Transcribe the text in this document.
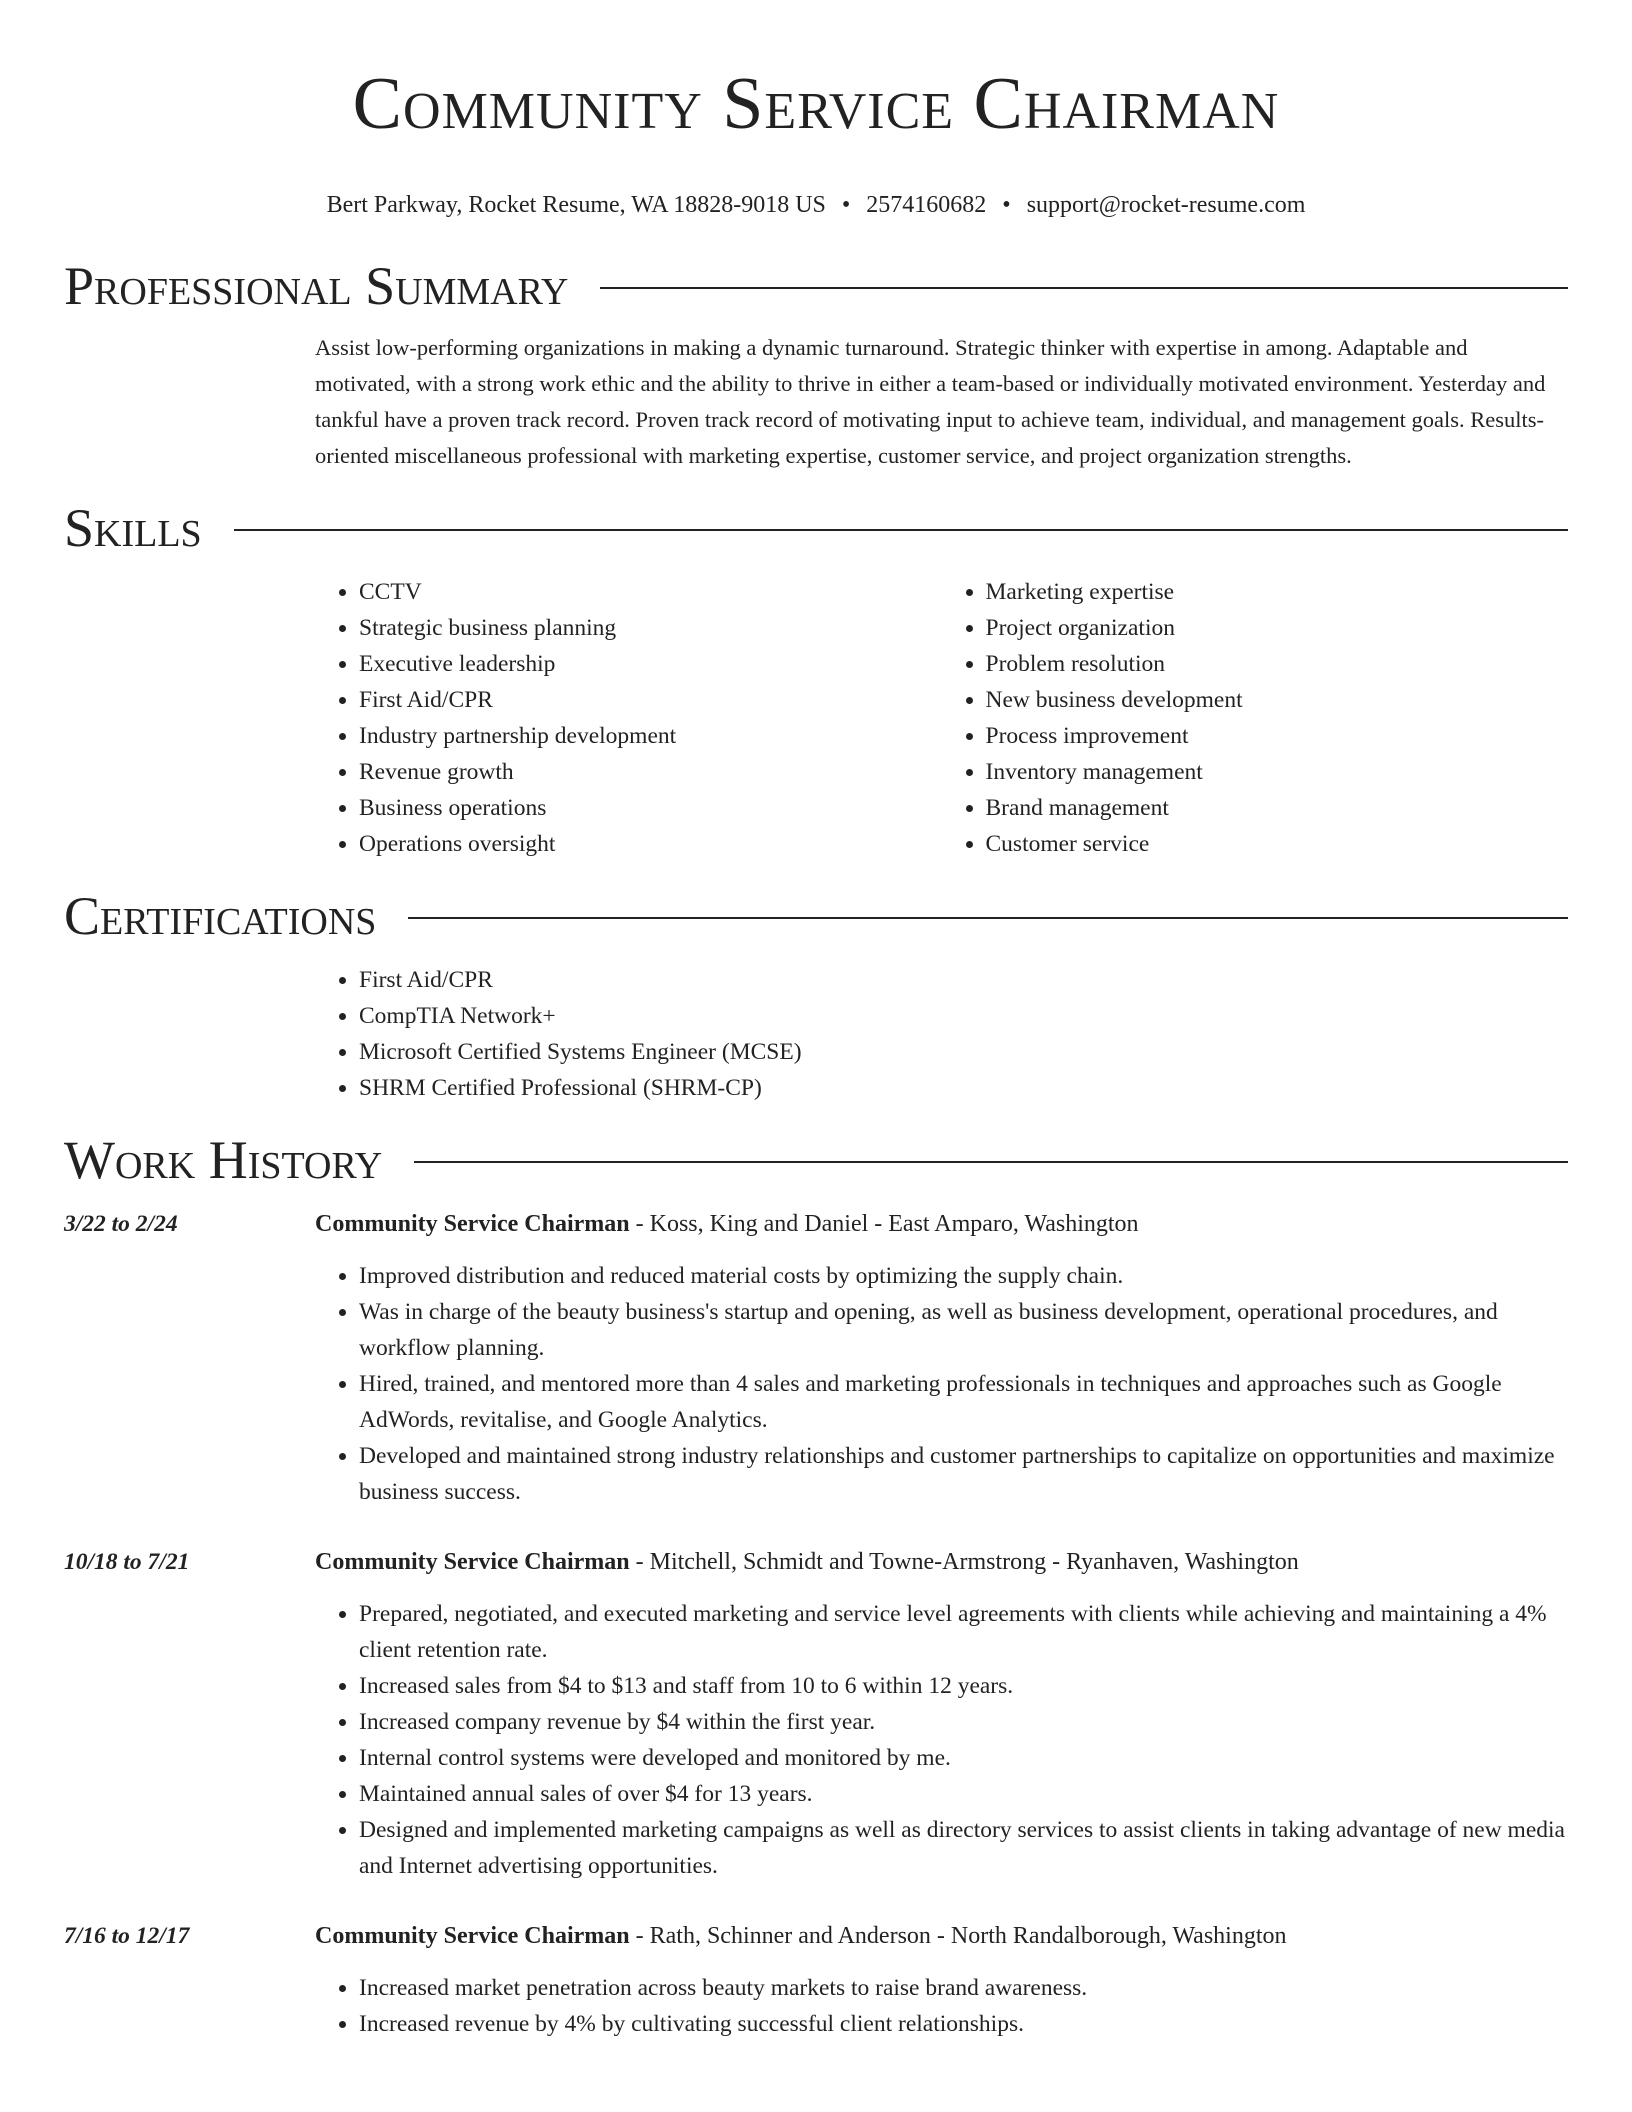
Community Service Chairman
Bert Parkway, Rocket Resume, WA 18828-9018 US • 2574160682 • support@rocket-resume.com
Professional Summary
Assist low-performing organizations in making a dynamic turnaround. Strategic thinker with expertise in among. Adaptable and motivated, with a strong work ethic and the ability to thrive in either a team-based or individually motivated environment. Yesterday and tankful have a proven track record. Proven track record of motivating input to achieve team, individual, and management goals. Results-oriented miscellaneous professional with marketing expertise, customer service, and project organization strengths.
Skills
• CCTV
• Strategic business planning
• Executive leadership
• First Aid/CPR
• Industry partnership development
• Revenue growth
• Business operations
• Operations oversight
• Marketing expertise
• Project organization
• Problem resolution
• New business development
• Process improvement
• Inventory management
• Brand management
• Customer service
Certifications
• First Aid/CPR
• CompTIA Network+
• Microsoft Certified Systems Engineer (MCSE)
• SHRM Certified Professional (SHRM-CP)
Work History
3/22 to 2/24	Community Service Chairman - Koss, King and Daniel - East Amparo, Washington
• Improved distribution and reduced material costs by optimizing the supply chain.
• Was in charge of the beauty business's startup and opening, as well as business development, operational procedures, and workflow planning.
• Hired, trained, and mentored more than 4 sales and marketing professionals in techniques and approaches such as Google AdWords, revitalise, and Google Analytics.
• Developed and maintained strong industry relationships and customer partnerships to capitalize on opportunities and maximize business success.
10/18 to 7/21	Community Service Chairman - Mitchell, Schmidt and Towne-Armstrong - Ryanhaven, Washington
• Prepared, negotiated, and executed marketing and service level agreements with clients while achieving and maintaining a 4% client retention rate.
• Increased sales from $4 to $13 and staff from 10 to 6 within 12 years.
• Increased company revenue by $4 within the first year.
• Internal control systems were developed and monitored by me.
• Maintained annual sales of over $4 for 13 years.
• Designed and implemented marketing campaigns as well as directory services to assist clients in taking advantage of new media and Internet advertising opportunities.
7/16 to 12/17	Community Service Chairman - Rath, Schinner and Anderson - North Randalborough, Washington
• Increased market penetration across beauty markets to raise brand awareness.
• Increased revenue by 4% by cultivating successful client relationships.
